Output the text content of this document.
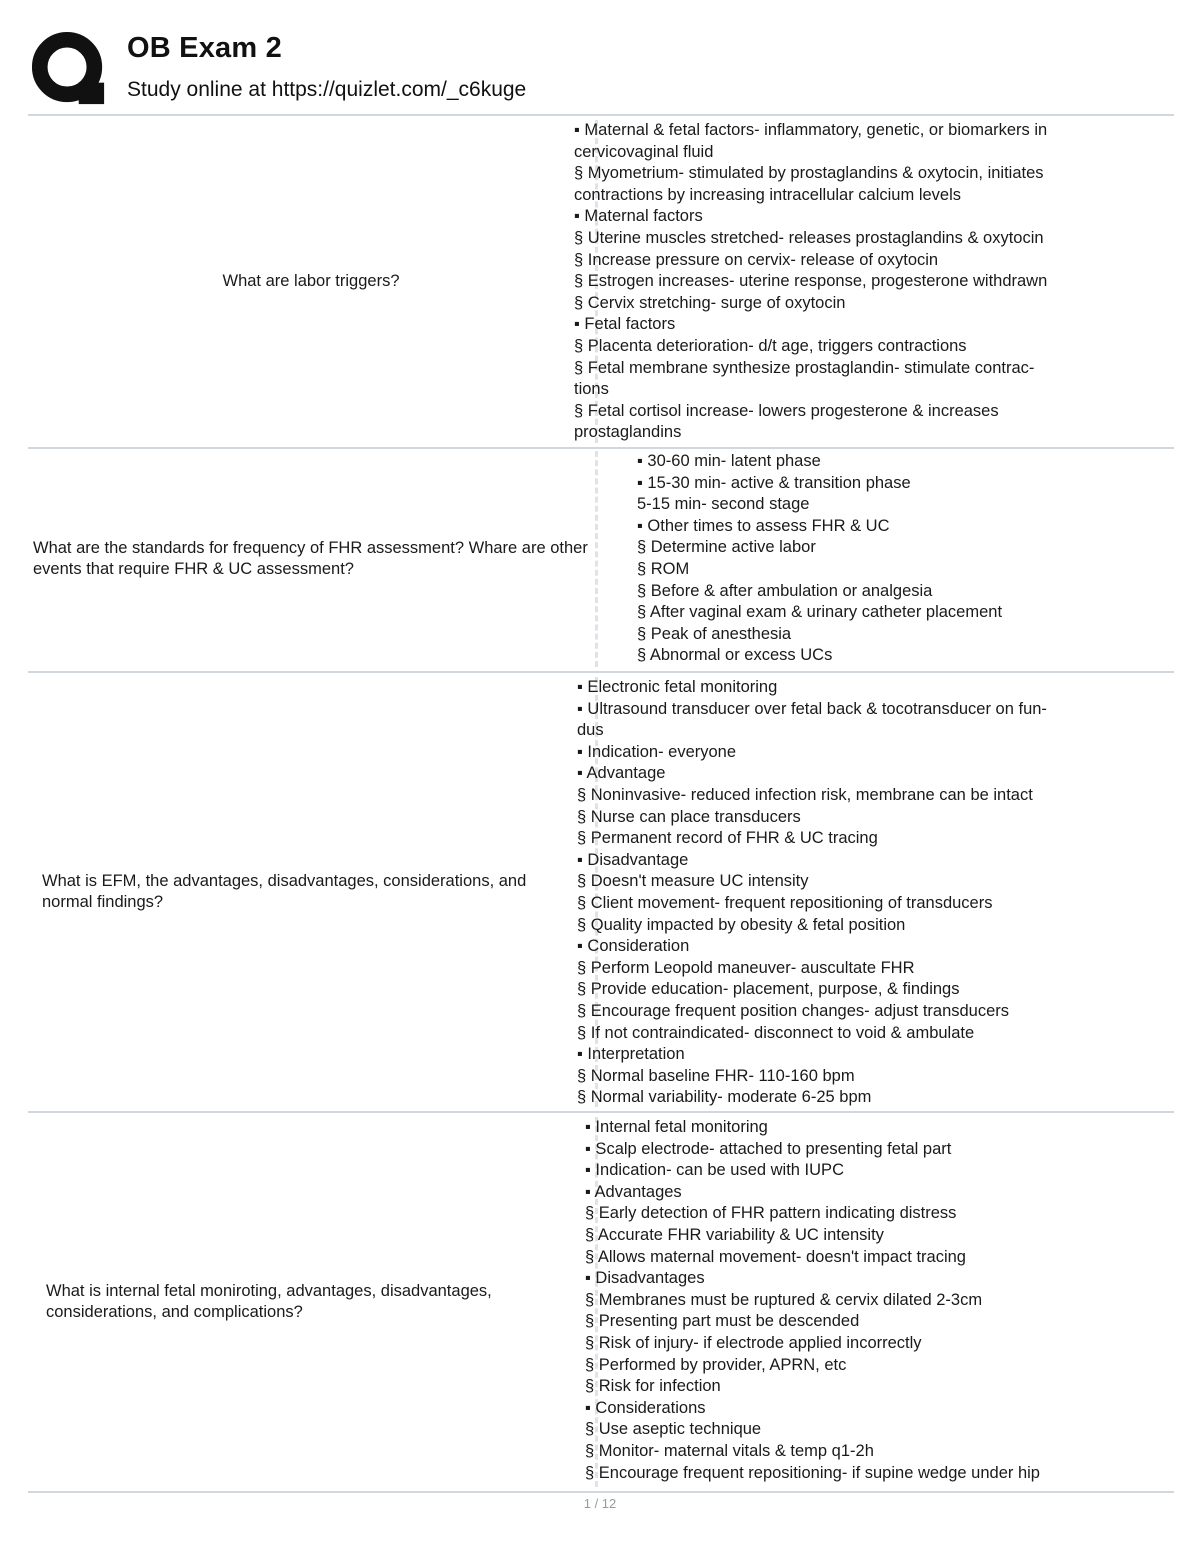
OB Exam 2
Study online at https://quizlet.com/_c6kuge
What are labor triggers?
▪ Maternal & fetal factors- inflammatory, genetic, or biomarkers in
cervicovaginal fluid
§ Myometrium- stimulated by prostaglandins & oxytocin, initiates
contractions by increasing intracellular calcium levels
▪ Maternal factors
§ Uterine muscles stretched- releases prostaglandins & oxytocin
§ Increase pressure on cervix- release of oxytocin
§ Estrogen increases- uterine response, progesterone withdrawn
§ Cervix stretching- surge of oxytocin
▪ Fetal factors
§ Placenta deterioration- d/t age, triggers contractions
§ Fetal membrane synthesize prostaglandin- stimulate contrac-
tions
§ Fetal cortisol increase- lowers progesterone & increases
prostaglandins
What are the standards for frequency of FHR assessment? Whare are other events that require FHR & UC assessment?
▪ 30-60 min- latent phase
▪ 15-30 min- active & transition phase
5-15 min- second stage
▪ Other times to assess FHR & UC
§ Determine active labor
§ ROM
§ Before & after ambulation or analgesia
§ After vaginal exam & urinary catheter placement
§ Peak of anesthesia
§ Abnormal or excess UCs
What is EFM, the advantages, disadvantages, considerations, and normal findings?
▪ Electronic fetal monitoring
▪ Ultrasound transducer over fetal back & tocotransducer on fun-
dus
▪ Indication- everyone
▪ Advantage
§ Noninvasive- reduced infection risk, membrane can be intact
§ Nurse can place transducers
§ Permanent record of FHR & UC tracing
▪ Disadvantage
§ Doesn't measure UC intensity
§ Client movement- frequent repositioning of transducers
§ Quality impacted by obesity & fetal position
▪ Consideration
§ Perform Leopold maneuver- auscultate FHR
§ Provide education- placement, purpose, & findings
§ Encourage frequent position changes- adjust transducers
§ If not contraindicated- disconnect to void & ambulate
▪ Interpretation
§ Normal baseline FHR- 110-160 bpm
§ Normal variability- moderate 6-25 bpm
What is internal fetal moniroting, advantages, disadvantages, considerations, and complications?
▪ Internal fetal monitoring
▪ Scalp electrode- attached to presenting fetal part
▪ Indication- can be used with IUPC
▪ Advantages
§ Early detection of FHR pattern indicating distress
§ Accurate FHR variability & UC intensity
§ Allows maternal movement- doesn't impact tracing
▪ Disadvantages
§ Membranes must be ruptured & cervix dilated 2-3cm
§ Presenting part must be descended
§ Risk of injury- if electrode applied incorrectly
§ Performed by provider, APRN, etc
§ Risk for infection
▪ Considerations
§ Use aseptic technique
§ Monitor- maternal vitals & temp q1-2h
§ Encourage frequent repositioning- if supine wedge under hip
1 / 12
